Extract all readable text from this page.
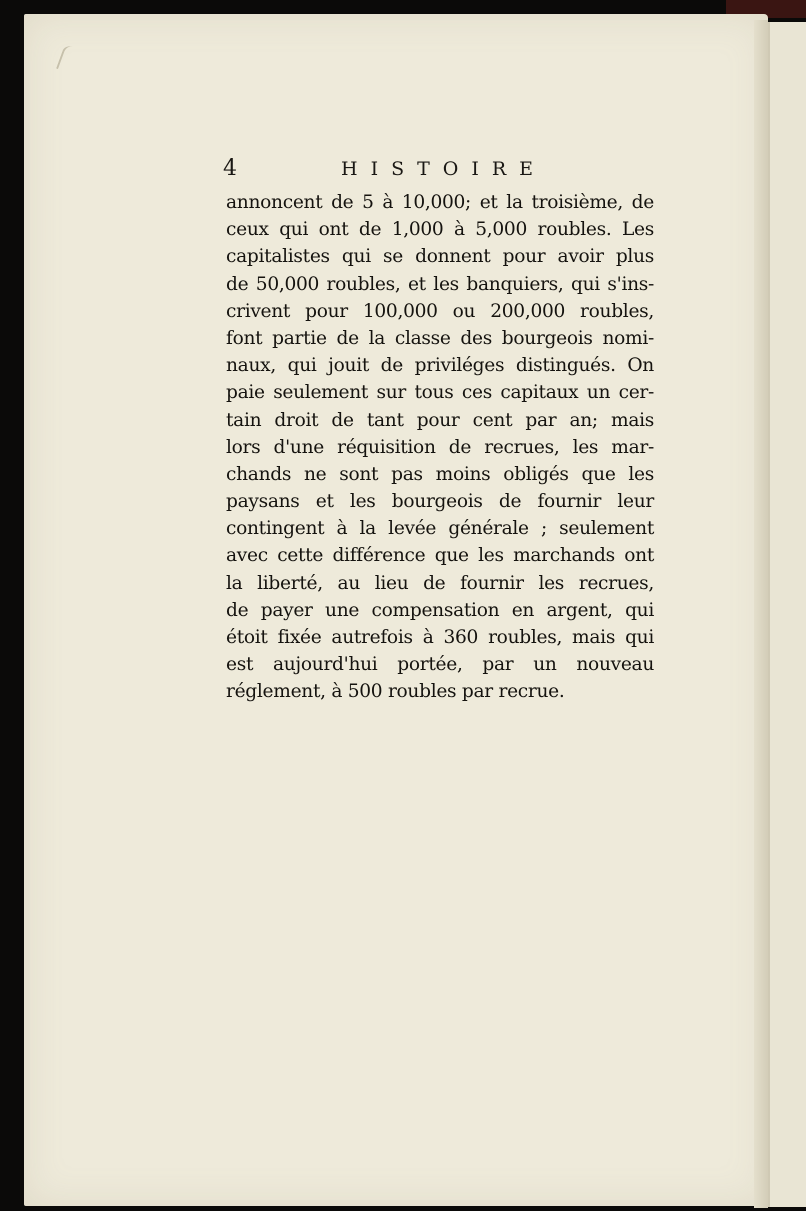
4	HISTOIRE
annoncent de 5 à 10,000; et la troisième, de
ceux qui ont de 1,000 à 5,000 roubles. Les
capitalistes qui se donnent pour avoir plus
de 50,000 roubles, et les banquiers, qui s'ins-
crivent pour 100,000 ou 200,000 roubles,
font partie de la classe des bourgeois nomi-
naux, qui jouit de priviléges distingués. On
paie seulement sur tous ces capitaux un cer-
tain droit de tant pour cent par an; mais
lors d'une réquisition de recrues, les mar-
chands ne sont pas moins obligés que les
paysans et les bourgeois de fournir leur
contingent à la levée générale ; seulement
avec cette différence que les marchands ont
la liberté, au lieu de fournir les recrues,
de payer une compensation en argent, qui
étoit fixée autrefois à 360 roubles, mais qui
est aujourd'hui portée, par un nouveau
réglement, à 500 roubles par recrue.
